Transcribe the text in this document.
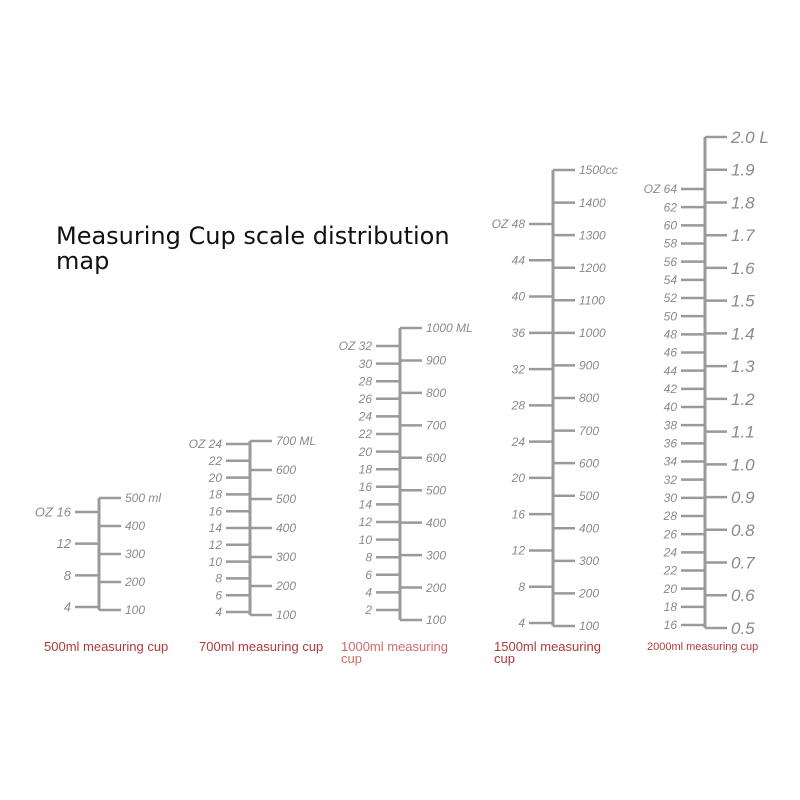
Measuring Cup scale distribution map
OZ 16
12
8
4
500 ml
400
300
200
100
OZ 24
22
20
18
16
14
12
10
8
6
4
700 ML
600
500
400
300
200
100
OZ 32
30
28
26
24
22
20
18
16
14
12
10
8
6
4
2
1000 ML
900
800
700
600
500
400
300
200
100
OZ 48
44
40
36
32
28
24
20
16
12
8
4
1500cc
1400
1300
1200
1100
1000
900
800
700
600
500
400
300
200
100
OZ 64
62
60
58
56
54
52
50
48
46
44
42
40
38
36
34
32
30
28
26
24
22
20
18
16
2.0 L
1.9
1.8
1.7
1.6
1.5
1.4
1.3
1.2
1.1
1.0
0.9
0.8
0.7
0.6
0.5
500ml measuring cup	700ml measuring cup	1000ml measuring cup
1500ml measuring cup
2000ml measuring cup
